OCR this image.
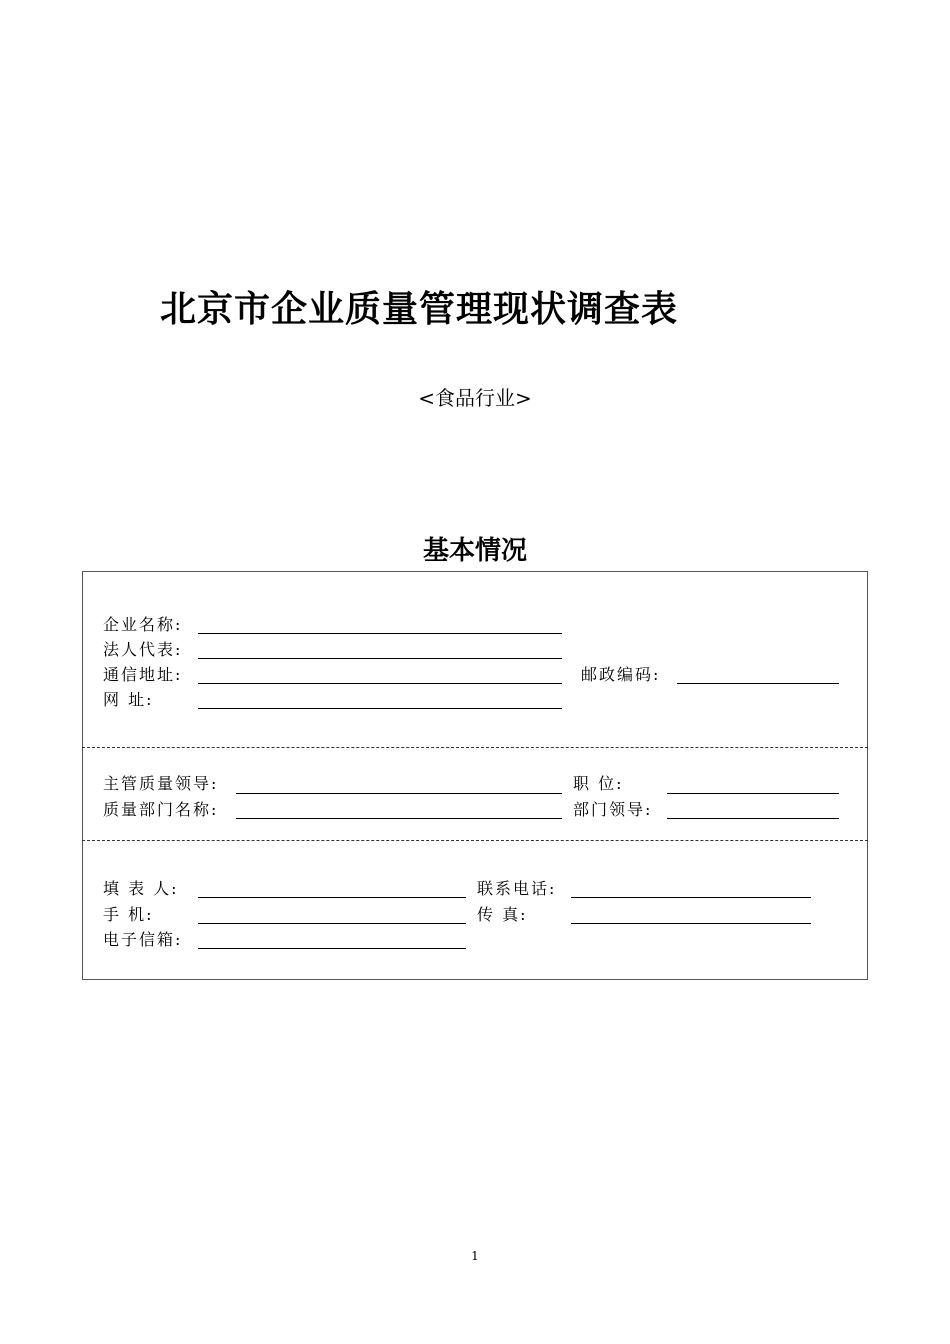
北京市企业质量管理现状调查表
<食品行业>
基本情况
企业名称:
法人代表:
通信地址:	邮政编码:
网 址:
主管质量领导:	职 位:
质量部门名称:	部门领导:
填 表 人:	联系电话:
手 机:	传 真:
电子信箱:
1
